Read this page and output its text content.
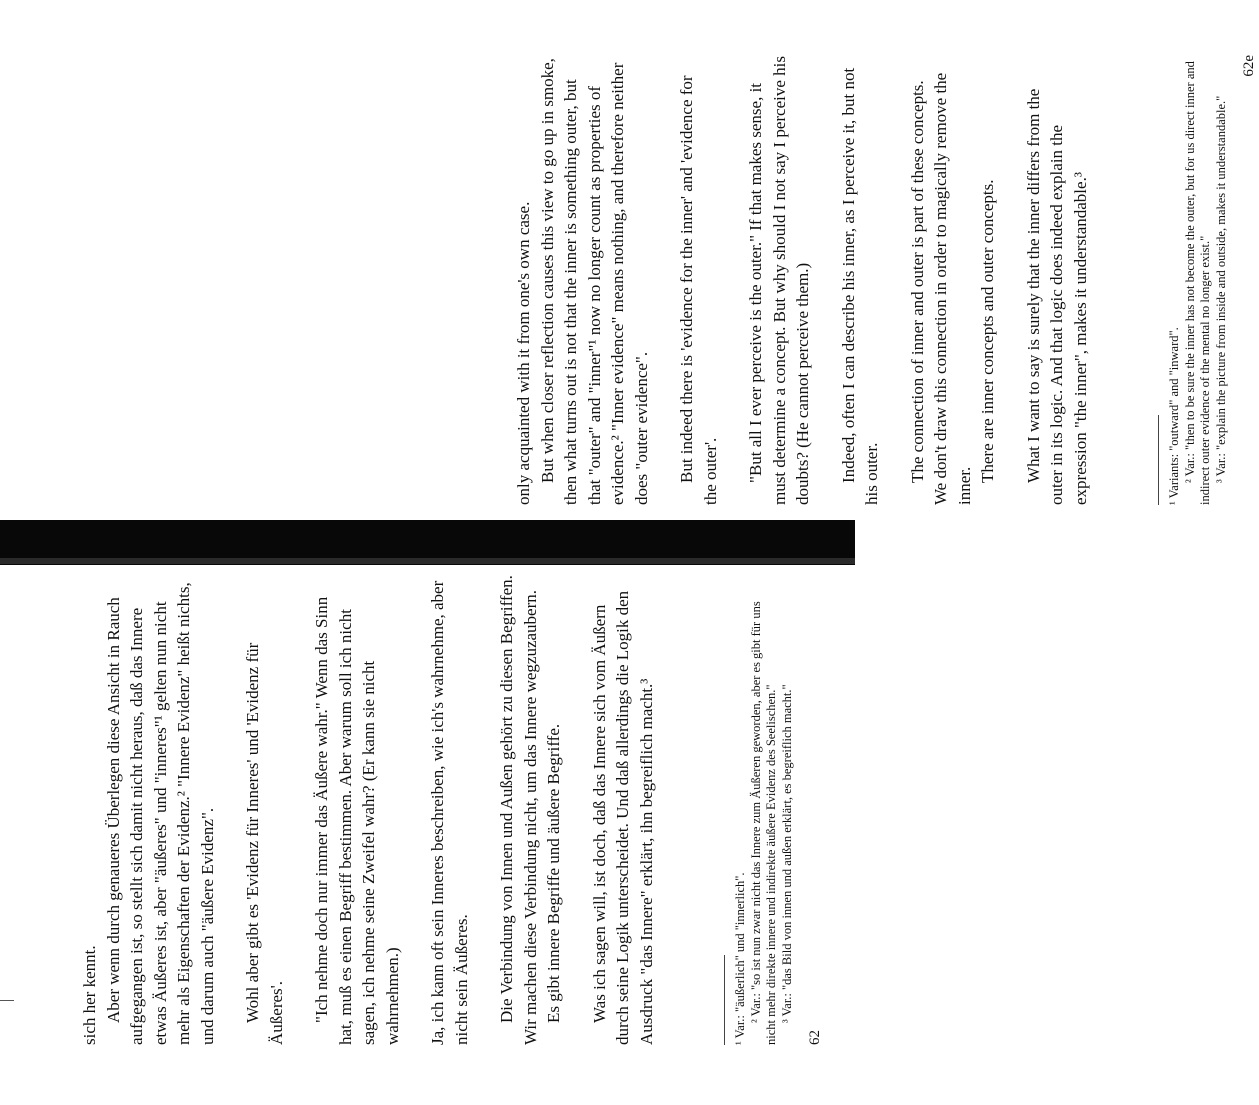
sich her kennt. Aber wenn durch genaueres Überlegen diese Ansicht in Rauch aufgegangen ist, so stellt sich damit nicht heraus, daß das Innere etwas Äußeres ist, aber "äußeres" und "inneres"¹ gelten nun nicht mehr als Eigenschaften der Evidenz.² "Innere Evidenz" heißt nichts, und darum auch "äußere Evidenz". Wohl aber gibt es 'Evidenz für Inneres' und 'Evidenz für Äußeres'. "Ich nehme doch nur immer das Äußere wahr." Wenn das Sinn hat, muß es einen Begriff bestimmen. Aber warum soll ich nicht sagen, ich nehme seine Zweifel wahr? (Er kann sie nicht wahrnehmen.) Ja, ich kann oft sein Inneres beschreiben, wie ich's wahrnehme, aber nicht sein Äußeres. Die Verbindung von Innen und Außen gehört zu diesen Begriffen. Wir machen diese Verbindung nicht, um das Innere wegzuzaubern. Es gibt innere Begriffe und äußere Begriffe. Was ich sagen will, ist doch, daß das Innere sich vom Äußern durch seine Logik unterscheidet. Und daß allerdings die Logik den Ausdruck "das Innere" erklärt, ihn begreiflich macht.³	¹ Var.: "äußerlich" und "innerlich". ² Var.: "so ist nun zwar nicht das Innere zum Äußeren geworden, aber es gibt für uns nicht mehr direkte innere und indirekte äußere Evidenz des Seelischen." ³ Var.: "das Bild von innen und außen erklärt, es begreiflich macht."

62

only acquainted with it from one's own case. But when closer reflection causes this view to go up in smoke, then what turns out is not that the inner is something outer, but that "outer" and "inner"¹ now no longer count as properties of evidence.² "Inner evidence" means nothing, and therefore neither does "outer evidence". But indeed there is 'evidence for the inner' and 'evidence for the outer'. "But all I ever perceive is the outer." If that makes sense, it must determine a concept. But why should I not say I perceive his doubts? (He cannot perceive them.) Indeed, often I can describe his inner, as I perceive it, but not his outer. The connection of inner and outer is part of these concepts. We don't draw this connection in order to magically remove the inner.

There are inner concepts and outer concepts. What I want to say is surely that the inner differs from the outer in its logic. And that logic does indeed explain the expression "the inner", makes it understandable.³	¹ Variants: "outward" and "inward". ² Var.: "then to be sure the inner has not become the outer, but for us direct inner and indirect outer evidence of the mental no longer exist." ³ Var.: "explain the picture from inside and outside, makes it understandable."

62e
